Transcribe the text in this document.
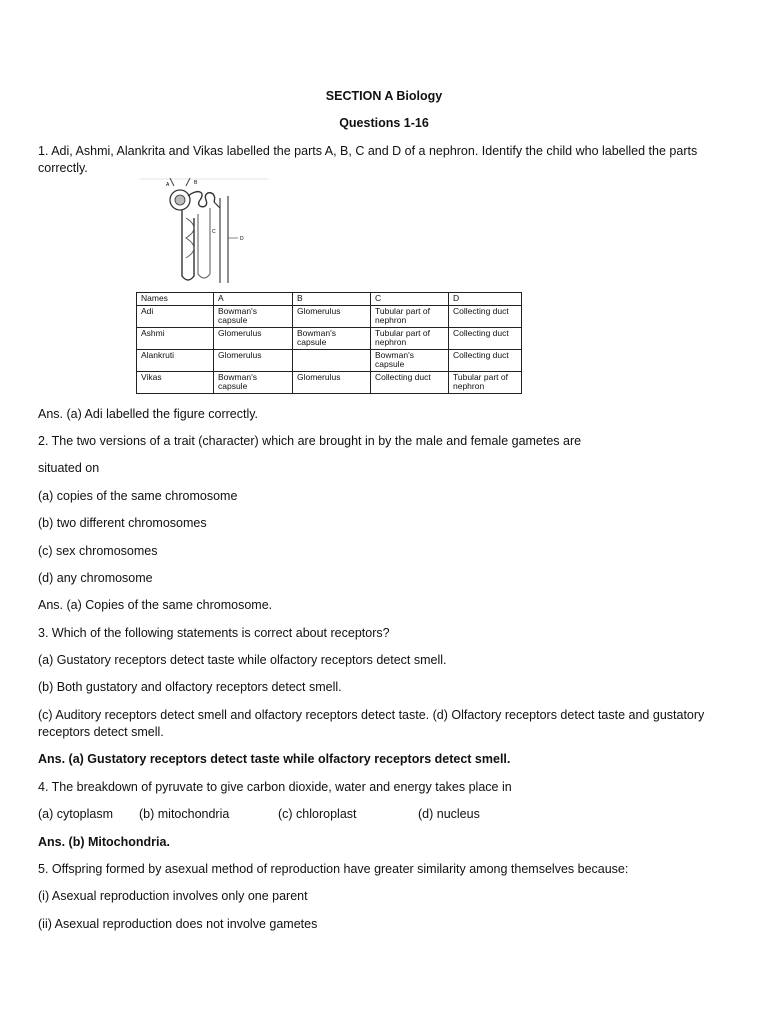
SECTION A Biology
Questions 1-16
1. Adi, Ashmi, Alankrita and Vikas labelled the parts A, B, C and D of a nephron. Identify the child who labelled the parts correctly.
D
A	B
C
Names	A	B	C	D
Adi	Bowman's capsule	Glomerulus	Tubular part of nephron	Collecting duct
Ashmi	Glomerulus	Bowman's capsule	Tubular part of nephron	Collecting duct
Alankruti	Glomerulus		Bowman's capsule	Collecting duct
Vikas	Bowman's capsule	Glomerulus	Collecting duct	Tubular part of nephron
Ans. (a) Adi labelled the figure correctly.
2. The two versions of a trait (character) which are brought in by the male and female gametes are
situated on
(a) copies of the same chromosome
(b) two different chromosomes
(c) sex chromosomes
(d) any chromosome
Ans. (a) Copies of the same chromosome.
3. Which of the following statements is correct about receptors?
(a) Gustatory receptors detect taste while olfactory receptors detect smell.
(b) Both gustatory and olfactory receptors detect smell.
(c) Auditory receptors detect smell and olfactory receptors detect taste. (d) Olfactory receptors detect taste and gustatory receptors detect smell.
Ans. (a) Gustatory receptors detect taste while olfactory receptors detect smell.
4. The breakdown of pyruvate to give carbon dioxide, water and energy takes place in
(a) cytoplasm (b) mitochondria	(c) chloroplast	(d) nucleus
Ans. (b) Mitochondria.
5. Offspring formed by asexual method of reproduction have greater similarity among themselves because:
(i) Asexual reproduction involves only one parent
(ii) Asexual reproduction does not involve gametes
